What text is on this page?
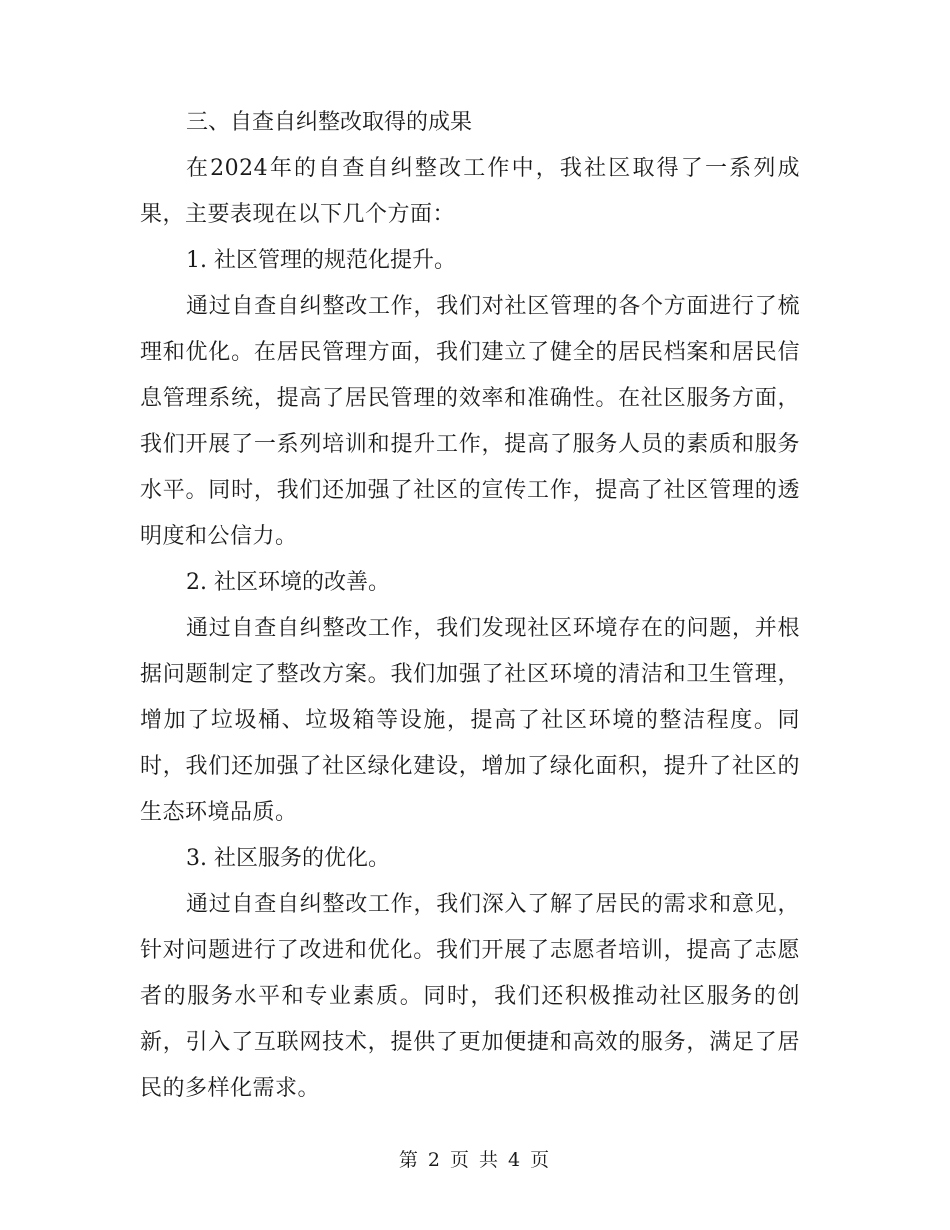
三、自查自纠整改取得的成果

在2024年的自查自纠整改工作中，我社区取得了一系列成果，主要表现在以下几个方面：

1. 社区管理的规范化提升。

通过自查自纠整改工作，我们对社区管理的各个方面进行了梳理和优化。在居民管理方面，我们建立了健全的居民档案和居民信息管理系统，提高了居民管理的效率和准确性。在社区服务方面，我们开展了一系列培训和提升工作，提高了服务人员的素质和服务水平。同时，我们还加强了社区的宣传工作，提高了社区管理的透明度和公信力。

2. 社区环境的改善。

通过自查自纠整改工作，我们发现社区环境存在的问题，并根据问题制定了整改方案。我们加强了社区环境的清洁和卫生管理，增加了垃圾桶、垃圾箱等设施，提高了社区环境的整洁程度。同时，我们还加强了社区绿化建设，增加了绿化面积，提升了社区的生态环境品质。

3. 社区服务的优化。

通过自查自纠整改工作，我们深入了解了居民的需求和意见，针对问题进行了改进和优化。我们开展了志愿者培训，提高了志愿者的服务水平和专业素质。同时，我们还积极推动社区服务的创新，引入了互联网技术，提供了更加便捷和高效的服务，满足了居民的多样化需求。

第 2 页 共 4 页
